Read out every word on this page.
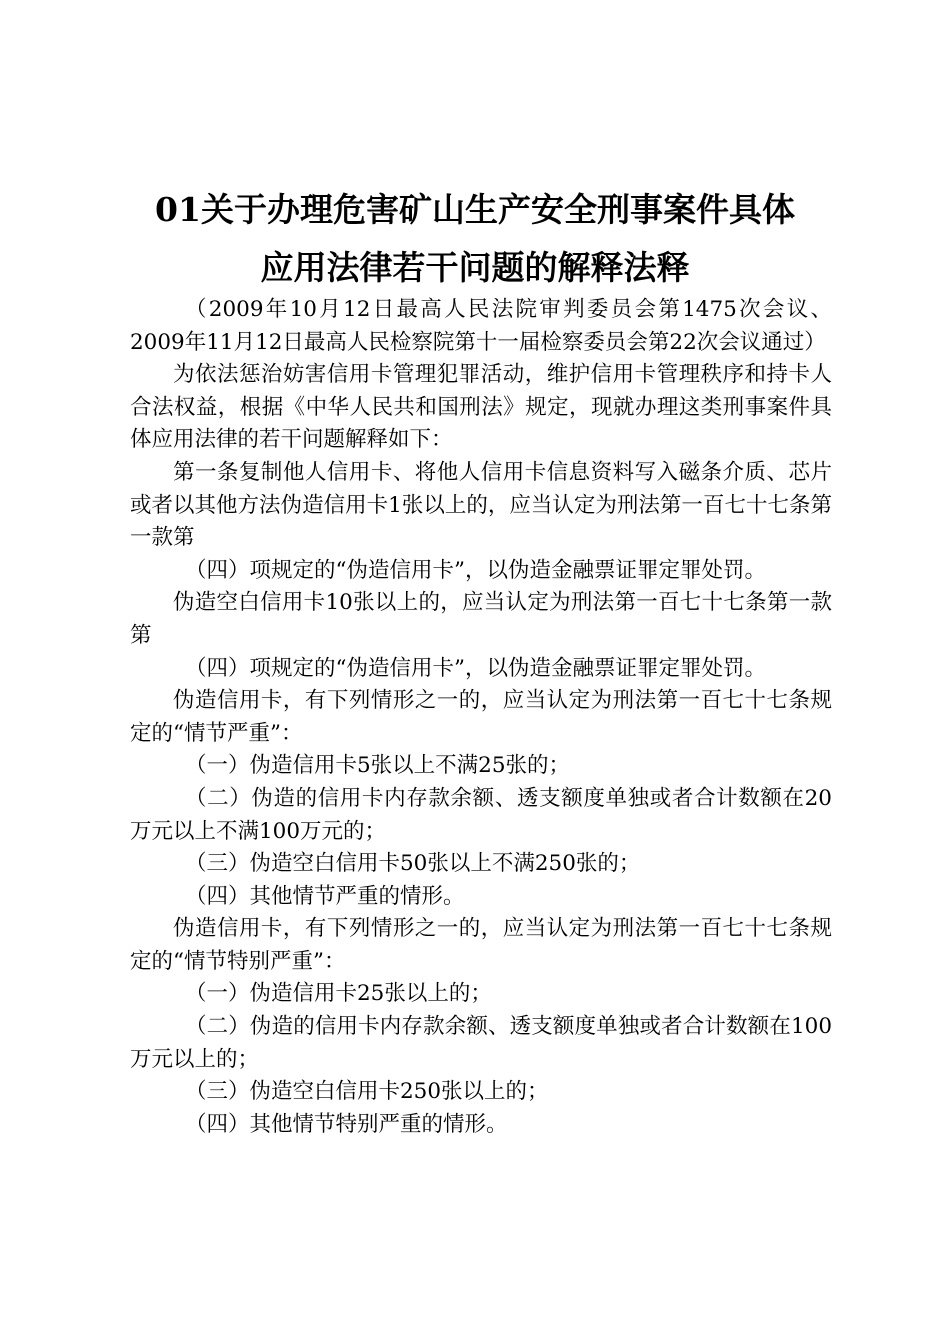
01关于办理危害矿山生产安全刑事案件具体
应用法律若干问题的解释法释

（2009年10月12日最高人民法院审判委员会第1475次会议、2009年11月12日最高人民检察院第十一届检察委员会第22次会议通过）

为依法惩治妨害信用卡管理犯罪活动，维护信用卡管理秩序和持卡人合法权益，根据《中华人民共和国刑法》规定，现就办理这类刑事案件具体应用法律的若干问题解释如下：

第一条复制他人信用卡、将他人信用卡信息资料写入磁条介质、芯片或者以其他方法伪造信用卡1张以上的，应当认定为刑法第一百七十七条第一款第

（四）项规定的“伪造信用卡”，以伪造金融票证罪定罪处罚。

伪造空白信用卡10张以上的，应当认定为刑法第一百七十七条第一款第

（四）项规定的“伪造信用卡”，以伪造金融票证罪定罪处罚。

伪造信用卡，有下列情形之一的，应当认定为刑法第一百七十七条规定的“情节严重”：

（一）伪造信用卡5张以上不满25张的；

（二）伪造的信用卡内存款余额、透支额度单独或者合计数额在20万元以上不满100万元的；

（三）伪造空白信用卡50张以上不满250张的；

（四）其他情节严重的情形。

伪造信用卡，有下列情形之一的，应当认定为刑法第一百七十七条规定的“情节特别严重”：

（一）伪造信用卡25张以上的；

（二）伪造的信用卡内存款余额、透支额度单独或者合计数额在100万元以上的；

（三）伪造空白信用卡250张以上的；

（四）其他情节特别严重的情形。
